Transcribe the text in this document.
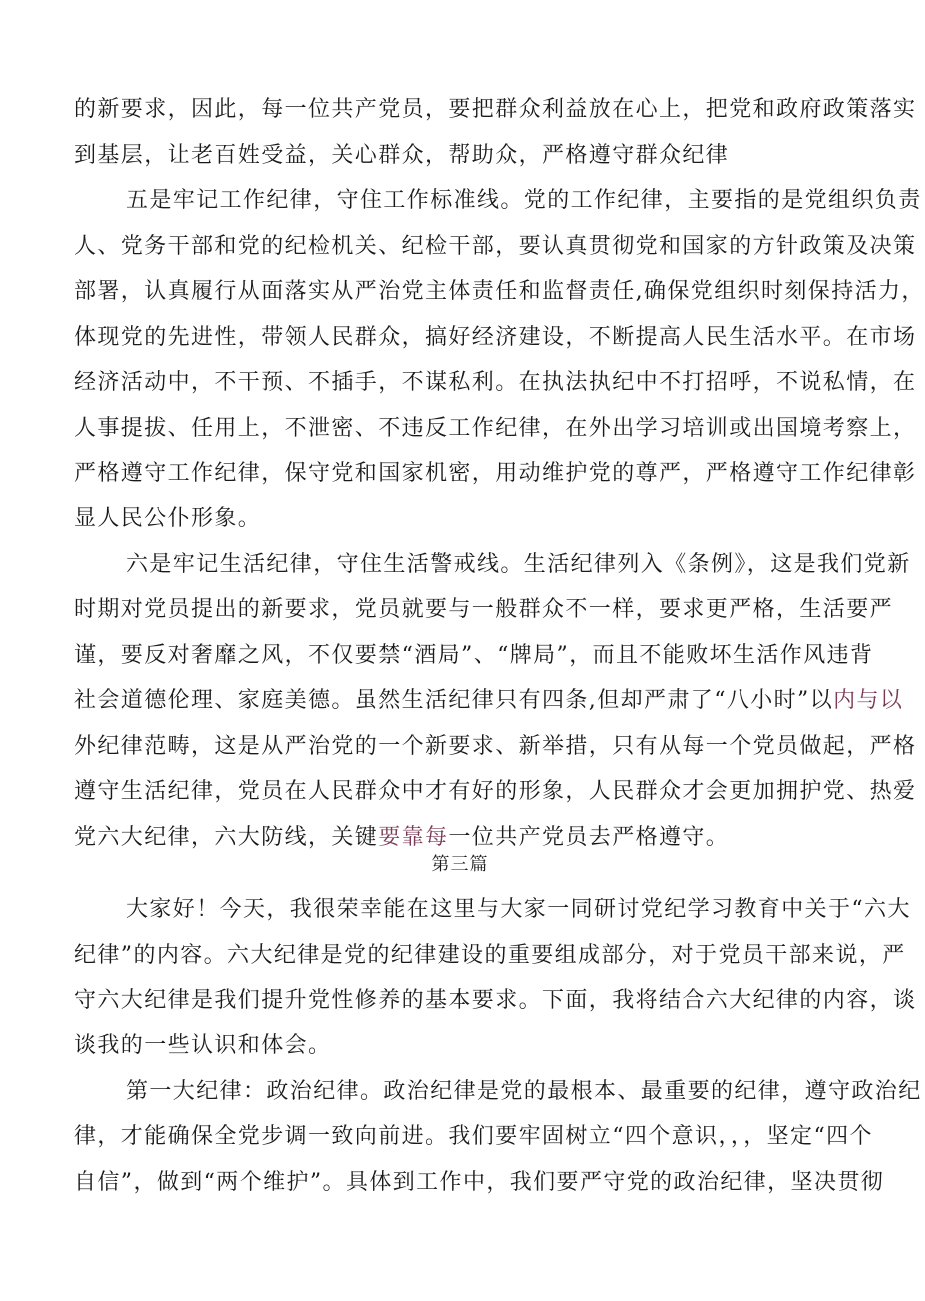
的新要求，因此，每一位共产党员，要把群众利益放在心上，把党和政府政策落实
到基层，让老百姓受益，关心群众，帮助众，严格遵守群众纪律
五是牢记工作纪律，守住工作标准线。党的工作纪律，主要指的是党组织负责
人、党务干部和党的纪检机关、纪检干部，要认真贯彻党和国家的方针政策及决策
部署，认真履行从面落实从严治党主体责任和监督责任,确保党组织时刻保持活力，
体现党的先进性，带领人民群众，搞好经济建设，不断提高人民生活水平。在市场
经济活动中，不干预、不插手，不谋私利。在执法执纪中不打招呼，不说私情，在
人事提拔、任用上，不泄密、不违反工作纪律，在外出学习培训或出国境考察上，
严格遵守工作纪律，保守党和国家机密，用动维护党的尊严，严格遵守工作纪律彰
显人民公仆形象。
六是牢记生活纪律，守住生活警戒线。生活纪律列入《条例》，这是我们党新
时期对党员提出的新要求，党员就要与一般群众不一样，要求更严格，生活要严
谨，要反对奢靡之风，不仅要禁“酒局”、“牌局”，而且不能败坏生活作风违背
社会道德伦理、家庭美德。虽然生活纪律只有四条,但却严肃了“八小时”以内与以
外纪律范畴，这是从严治党的一个新要求、新举措，只有从每一个党员做起，严格
遵守生活纪律，党员在人民群众中才有好的形象，人民群众才会更加拥护党、热爱
党六大纪律，六大防线，关键要靠每一位共产党员去严格遵守。
第三篇
大家好！今天，我很荣幸能在这里与大家一同研讨党纪学习教育中关于“六大
纪律”的内容。六大纪律是党的纪律建设的重要组成部分，对于党员干部来说，严
守六大纪律是我们提升党性修养的基本要求。下面，我将结合六大纪律的内容，谈
谈我的一些认识和体会。
第一大纪律：政治纪律。政治纪律是党的最根本、最重要的纪律，遵守政治纪
律，才能确保全党步调一致向前进。我们要牢固树立“四个意识，，，坚定“四个
自信”，做到“两个维护”。具体到工作中，我们要严守党的政治纪律，坚决贯彻
